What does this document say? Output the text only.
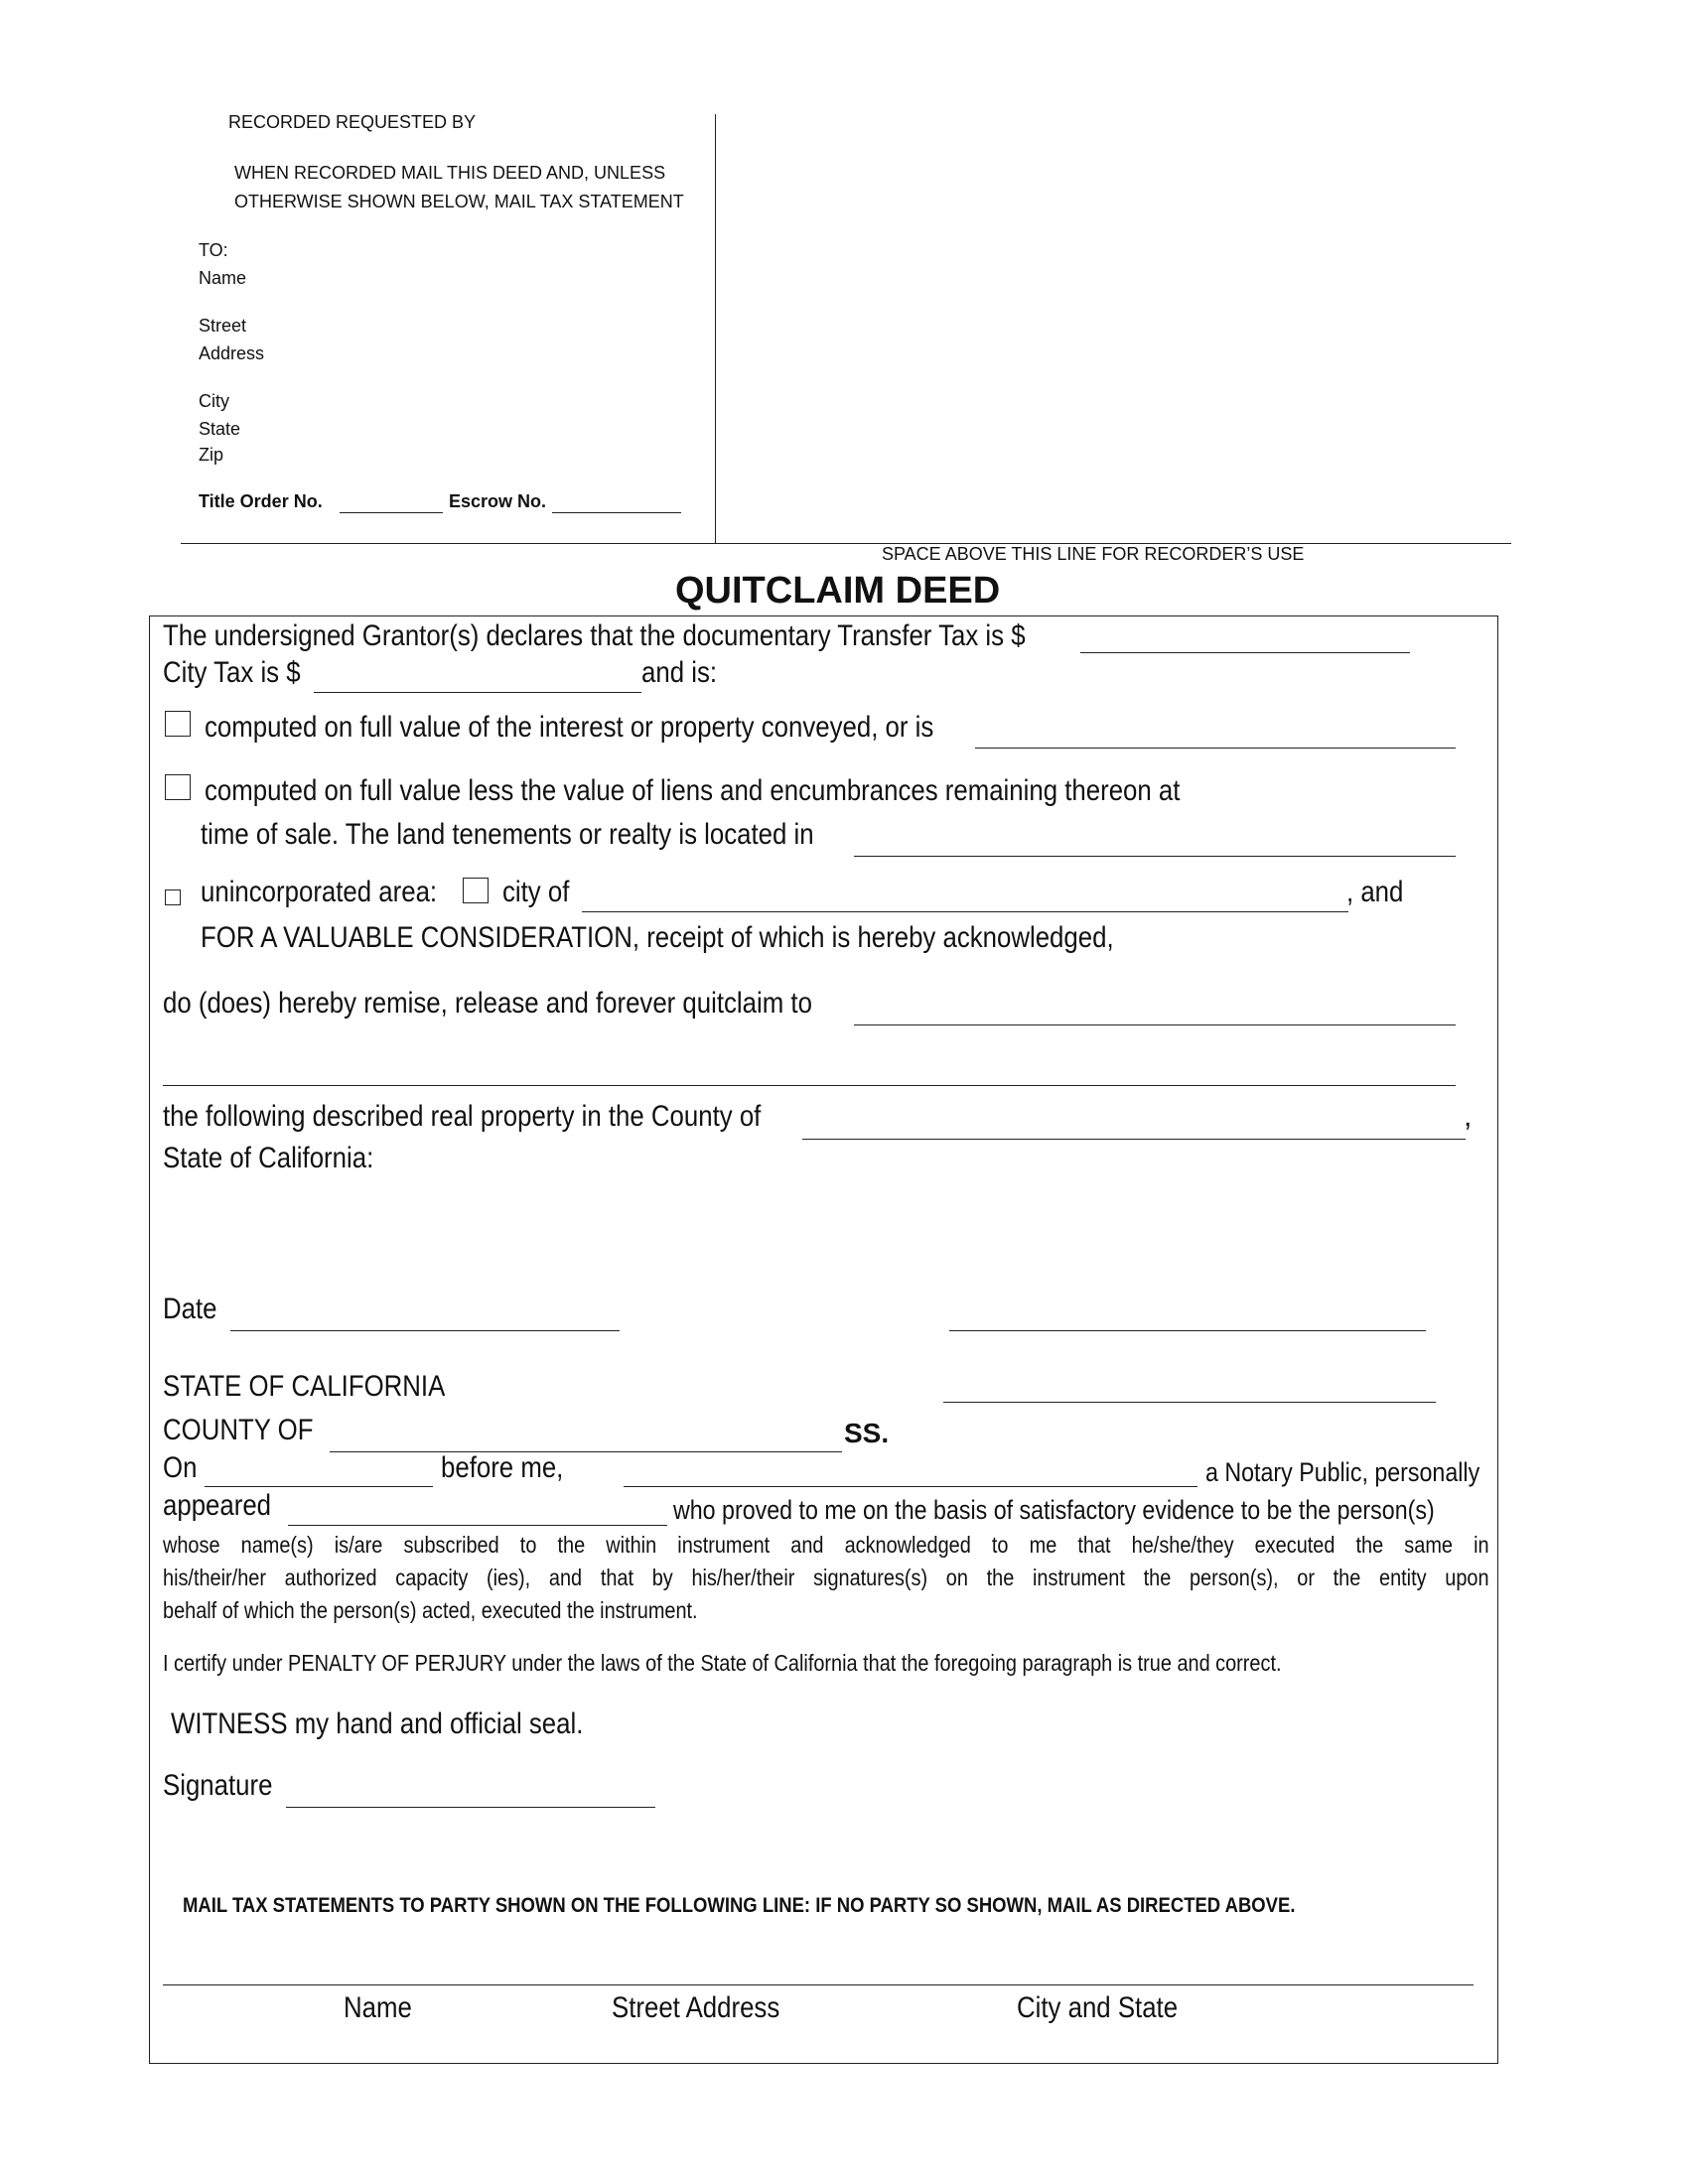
RECORDED REQUESTED BY
WHEN RECORDED MAIL THIS DEED AND, UNLESS
OTHERWISE SHOWN BELOW, MAIL TAX STATEMENT
TO:
Name
Street
Address
City
State
Zip
Title Order No.	Escrow No.
SPACE ABOVE THIS LINE FOR RECORDER’S USE
QUITCLAIM DEED
The undersigned Grantor(s) declares that the documentary Transfer Tax is $
City Tax is $	and is:
computed on full value of the interest or property conveyed, or is
computed on full value less the value of liens and encumbrances remaining thereon at
time of sale. The land tenements or realty is located in
unincorporated area:	city of	, and
FOR A VALUABLE CONSIDERATION, receipt of which is hereby acknowledged,
do (does) hereby remise, release and forever quitclaim to
the following described real property in the County of	,
State of California:
Date
STATE OF CALIFORNIA
COUNTY OF	SS.
On	before me,	a Notary Public, personally
appeared	who proved to me on the basis of satisfactory evidence to be the person(s)
whose name(s) is/are subscribed to the within instrument and acknowledged to me that he/she/they executed the same in
his/their/her authorized capacity (ies), and that by his/her/their signatures(s) on the instrument the person(s), or the entity upon
behalf of which the person(s) acted, executed the instrument.
I certify under PENALTY OF PERJURY under the laws of the State of California that the foregoing paragraph is true and correct.
WITNESS my hand and official seal.
Signature
MAIL TAX STATEMENTS TO PARTY SHOWN ON THE FOLLOWING LINE: IF NO PARTY SO SHOWN, MAIL AS DIRECTED ABOVE.
Name	Street Address	City and State
